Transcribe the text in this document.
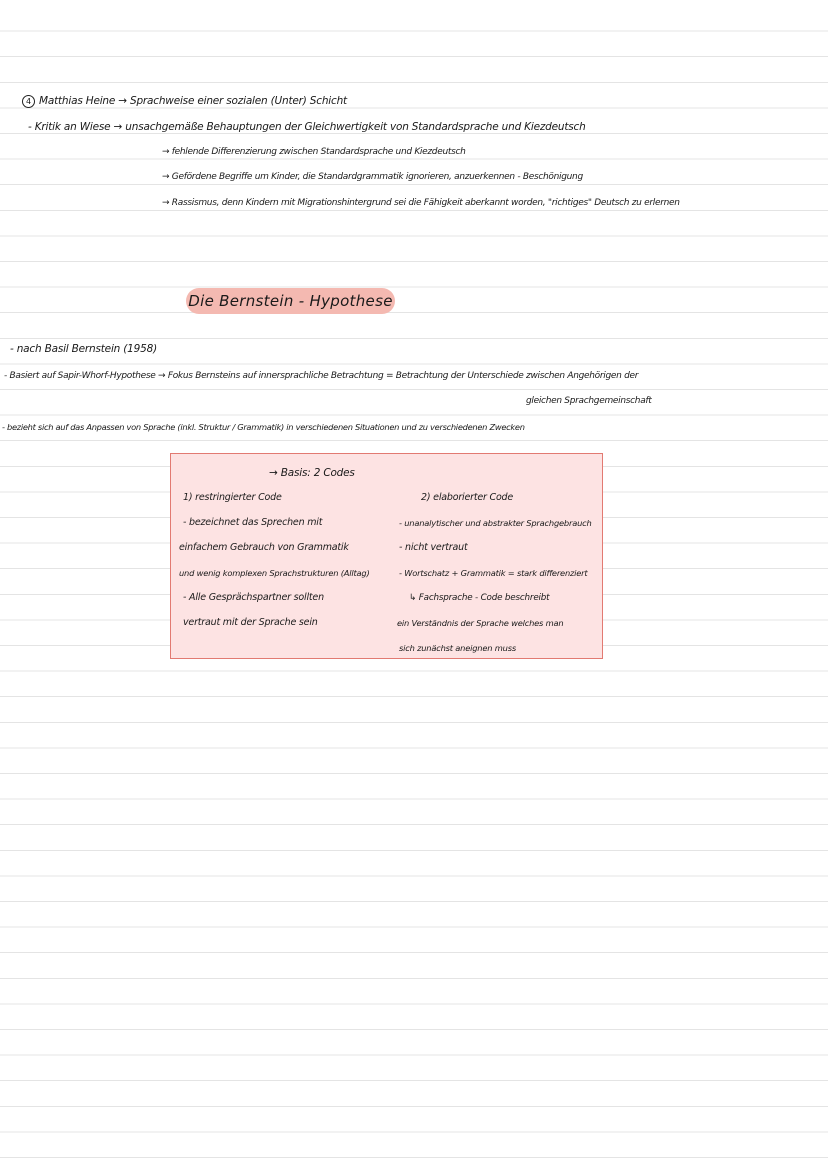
4 Matthias Heine → Sprachweise einer sozialen (Unter) Schicht
- Kritik an Wiese → unsachgemäße Behauptungen der Gleichwertigkeit von Standardsprache und Kiezdeutsch
→ fehlende Differenzierung zwischen Standardsprache und Kiezdeutsch
→ Gefördene Begriffe um Kinder, die Standardgrammatik ignorieren, anzuerkennen - Beschönigung
→ Rassismus, denn Kindern mit Migrationshintergrund sei die Fähigkeit aberkannt worden, "richtiges" Deutsch zu erlernen
Die Bernstein - Hypothese
- nach Basil Bernstein (1958)
- Basiert auf Sapir-Whorf-Hypothese → Fokus Bernsteins auf innersprachliche Betrachtung = Betrachtung der Unterschiede zwischen Angehörigen der
gleichen Sprachgemeinschaft
- bezieht sich auf das Anpassen von Sprache (inkl. Struktur / Grammatik) in verschiedenen Situationen und zu verschiedenen Zwecken
→ Basis: 2 Codes
1) restringierter Code
- bezeichnet das Sprechen mit
einfachem Gebrauch von Grammatik
und wenig komplexen Sprachstrukturen (Alltag)
- Alle Gesprächspartner sollten
vertraut mit der Sprache sein
2) elaborierter Code
- unanalytischer und abstrakter Sprachgebrauch
- nicht vertraut
- Wortschatz + Grammatik = stark differenziert
↳ Fachsprache - Code beschreibt
ein Verständnis der Sprache welches man
sich zunächst aneignen muss
